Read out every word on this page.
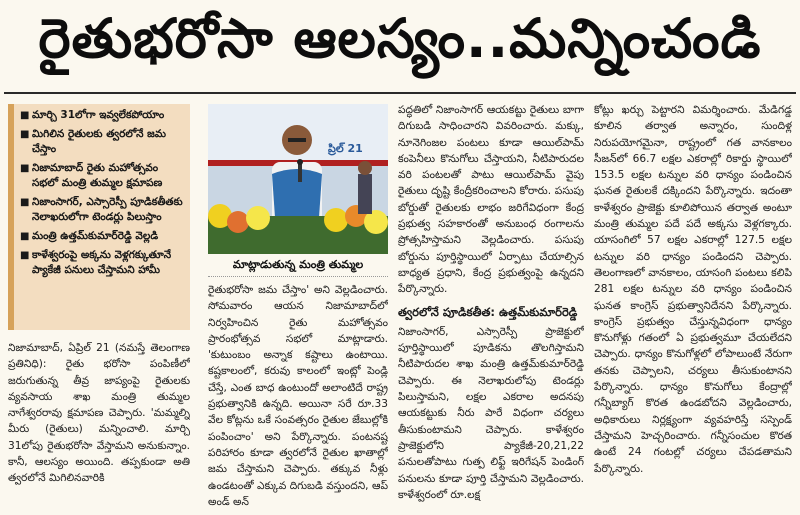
రైతుభరోసా ఆలస్యం..మన్నించండి
■ మార్చి 31లోగా ఇవ్వలేకపోయాం
■ మిగిలిన రైతులకు త్వరలోనే జమ చేస్తాం
■ నిజామాబాద్ రైతు మహోత్సవం సభలో మంత్రి తుమ్మల క్షమాపణ
■ నిజాంసాగర్, ఎస్సారెస్పీ పూడికతీతకు నెలాఖరులోగా టెండర్లు పిలుస్తాం
■ మంత్రి ఉత్తమ్‌కుమార్‌రెడ్డి వెల్లడి
■ కాళేశ్వరంపై అక్కను వెళ్లగక్కుతూనే ప్యాకేజీ పనులు చేస్తామని హామీ

నిజామాబాద్, ఏప్రిల్ 21 (నమస్తే తెలంగాణ ప్రతినిధి): రైతు భరోసా పంపిణీలో జరుగుతున్న తీవ్ర జాప్యంపై రైతులకు వ్యవసాయ శాఖ మంత్రి తుమ్మల నాగేశ్వరరావు క్షమాపణ చెప్పారు. 'మమ్మల్ని మీరు (రైతులు) మన్నించాలి. మార్చి 31లోపు రైతుభరోసా వేస్తామని అనుకున్నాం. కానీ, ఆలస్యం అయింది. తప్పకుండా అతి త్వరలోనే మిగిలినవారికి

ప్రిల్ 21
మాట్లాడుతున్న మంత్రి తుమ్మల

రైతుభరోసా జమ చేస్తాం' అని వెల్లడించారు. సోమవారం ఆయన నిజామాబాద్‌లో నిర్వహించిన రైతు మహోత్సవం ప్రారంభోత్సవ సభలో మాట్లాడారు. 'కుటుంబం అన్నాక కష్టాలు ఉంటాయి. కష్టకాలంలో, కరువు కాలంలో ఇంట్లో పెండ్లి చేస్తే, ఎంత బాధ ఉంటుందో అలాంటిదే రాష్ట్ర ప్రభుత్వానికి ఉన్నది. అయినా సరే రూ.33 వేల కోట్లను ఒకే సంవత్సరం రైతుల జేబుల్లోకి పంపించాం' అని పేర్కొన్నారు. పంటనష్ట పరిహారం కూడా త్వరలోనే రైతుల ఖాతాల్లో జమ చేస్తామని చెప్పారు. తక్కువ నీళ్లు ఉండటంతో ఎక్కువ దిగుబడి వస్తుందని, ఆప్ అండ్ అన్

పద్ధతిలో నిజాంసాగర్ ఆయకట్టు రైతులు బాగా దిగుబడి సాధించారని వివరించారు. మక్కు, నూనెగింజల పంటలు కూడా ఆయిల్‌పామ్ కంపెనీలు కొనుగోలు చేస్తాయని, నీటిపారుదల వరి పంటలతో పాటు ఆయిల్‌పామ్ వైపు రైతులు దృష్టి కేంద్రీకరించాలని కోరారు. పసుపు బోర్డుతో రైతులకు లాభం జరిగేవిధంగా కేంద్ర ప్రభుత్వ సహకారంతో అనుబంధ రంగాలను ప్రోత్సహిస్తామని వెల్లడించారు. పసుపు బోర్డును పూర్తిస్థాయిలో ఏర్పాటు చేయాల్సిన బాధ్యత ప్రధాని, కేంద్ర ప్రభుత్వంపై ఉన్నదని పేర్కొన్నారు.

త్వరలోనే పూడికతీత: ఉత్తమ్‌కుమార్‌రెడ్డి

నిజాంసాగర్, ఎస్సారెస్పీ ప్రాజెక్టులో పూర్తిస్థాయిలో పూడికను తొలగిస్తామని నీటిపారుదల శాఖ మంత్రి ఉత్తమ్‌కుమార్‌రెడ్డి చెప్పారు. ఈ నెలాఖరులోపు టెండర్లు పిలుస్తామని, లక్షల ఎకరాల అదనపు ఆయకట్టుకు నీరు పారే విధంగా చర్యలు తీసుకుంటామని చెప్పారు. కాళేశ్వరం ప్రాజెక్టులోని ప్యాకేజీ-20,21,22 పనులతోపాటు గుత్ప లిఫ్ట్ ఇరిగేషన్ పెండింగ్ పనులను కూడా పూర్తి చేస్తామని వెల్లడించారు. కాళేశ్వరంలో రూ.లక్ష

కోట్లు ఖర్చు పెట్టారని విమర్శించారు. మేడిగడ్డ కూలిన తర్వాత అన్నారం, సుందిళ్ల నిరుపయోగమైనా, రాష్ట్రంలో గత వానకాలం సీజన్‌లో 66.7 లక్షల ఎకరాల్లో రికార్డు స్థాయిలో 153.5 లక్షల టన్నుల వరి ధాన్యం పండించిన ఘనత రైతులకే దక్కిందని పేర్కొన్నారు. ఇదంతా కాళేశ్వరం ప్రాజెక్టు కూలిపోయిన తర్వాత అంటూ మంత్రి తుమ్మల పదే పదే అక్కసు వెళ్లగక్కారు. యాసంగిలో 57 లక్షల ఎకరాల్లో 127.5 లక్షల టన్నుల వరి ధాన్యం పండిందని చెప్పారు. తెలంగాణలో వానకాలం, యాసంగి పంటలు కలిపి 281 లక్షల టన్నుల వరి ధాన్యం పండించిన ఘనత కాంగ్రెస్ ప్రభుత్వానిదేనని పేర్కొన్నారు. కాంగ్రెస్ ప్రభుత్వం చేస్తున్నవిధంగా ధాన్యం కొనుగోళ్లు గతంలో ఏ ప్రభుత్వమూ చేయలేదని చెప్పారు. ధాన్యం కొనుగోళ్లలో లోపాలుంటే నేరుగా తనకు చెప్పాలని, చర్యలు తీసుకుంటానని పేర్కొన్నారు. ధాన్యం కొనుగోలు కేంద్రాల్లో గన్నీబ్యాగ్ కొరత ఉండబోదని వెల్లడించారు, అధికారులు నిర్లక్ష్యంగా వ్యవహరిస్తే సస్పెండ్ చేస్తామని హెచ్చరించారు. గన్నీసంచుల కొరత ఉంటే 24 గంటల్లో చర్యలు చేపడతామని పేర్కొన్నారు.
